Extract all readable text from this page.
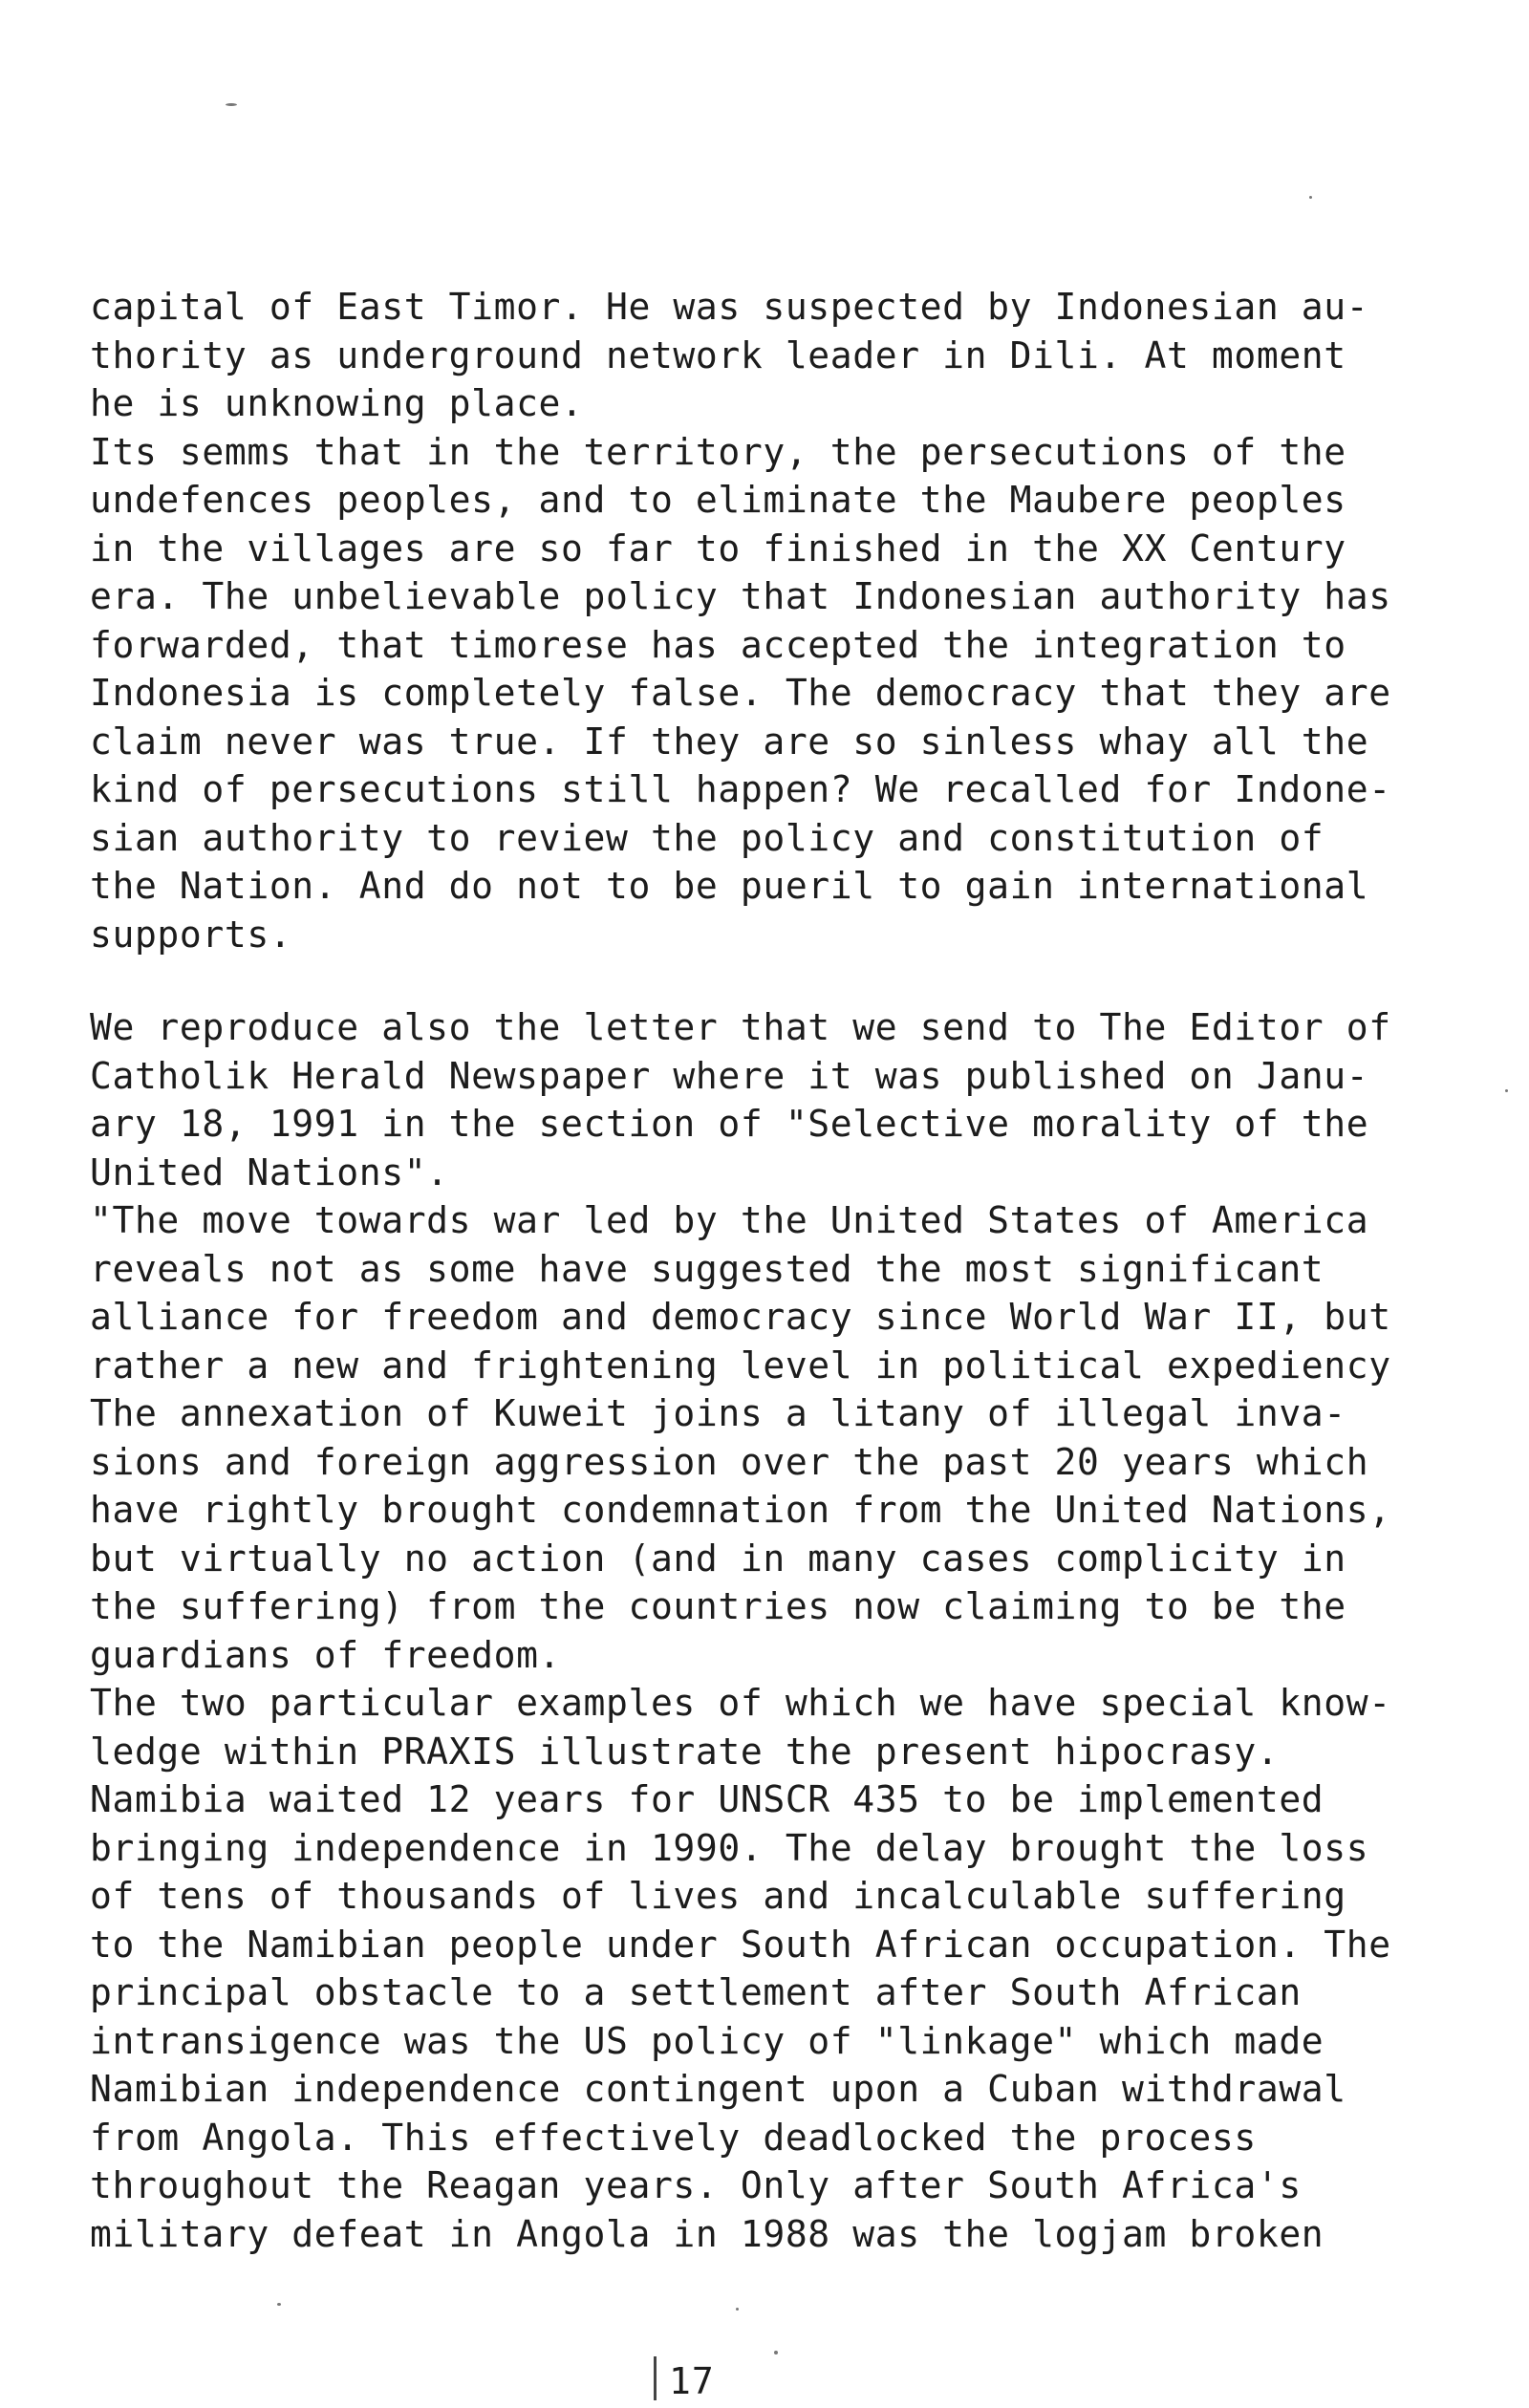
capital of East Timor. He was suspected by Indonesian au-
thority as underground network leader in Dili. At moment
he is unknowing place.
Its semms that in the territory, the persecutions of the
undefences peoples, and to eliminate the Maubere peoples
in the villages are so far to finished in the XX Century
era. The unbelievable policy that Indonesian authority has
forwarded, that timorese has accepted the integration to
Indonesia is completely false. The democracy that they are
claim never was true. If they are so sinless whay all the
kind of persecutions still happen? We recalled for Indone-
sian authority to review the policy and constitution of
the Nation. And do not to be pueril to gain international
supports.
We reproduce also the letter that we send to The Editor of
Catholik Herald Newspaper where it was published on Janu-
ary 18, 1991 in the section of "Selective morality of the
United Nations".
"The move towards war led by the United States of America
reveals not as some have suggested the most significant
alliance for freedom and democracy since World War II, but
rather a new and frightening level in political expediency
The annexation of Kuweit joins a litany of illegal inva-
sions and foreign aggression over the past 20 years which
have rightly brought condemnation from the United Nations,
but virtually no action (and in many cases complicity in
the suffering) from the countries now claiming to be the
guardians of freedom.
The two particular examples of which we have special know-
ledge within PRAXIS illustrate the present hipocrasy.
Namibia waited 12 years for UNSCR 435 to be implemented
bringing independence in 1990. The delay brought the loss
of tens of thousands of lives and incalculable suffering
to the Namibian people under South African occupation. The
principal obstacle to a settlement after South African
intransigence was the US policy of "linkage" which made
Namibian independence contingent upon a Cuban withdrawal
from Angola. This effectively deadlocked the process
throughout the Reagan years. Only after South Africa's
military defeat in Angola in 1988 was the logjam broken
17
